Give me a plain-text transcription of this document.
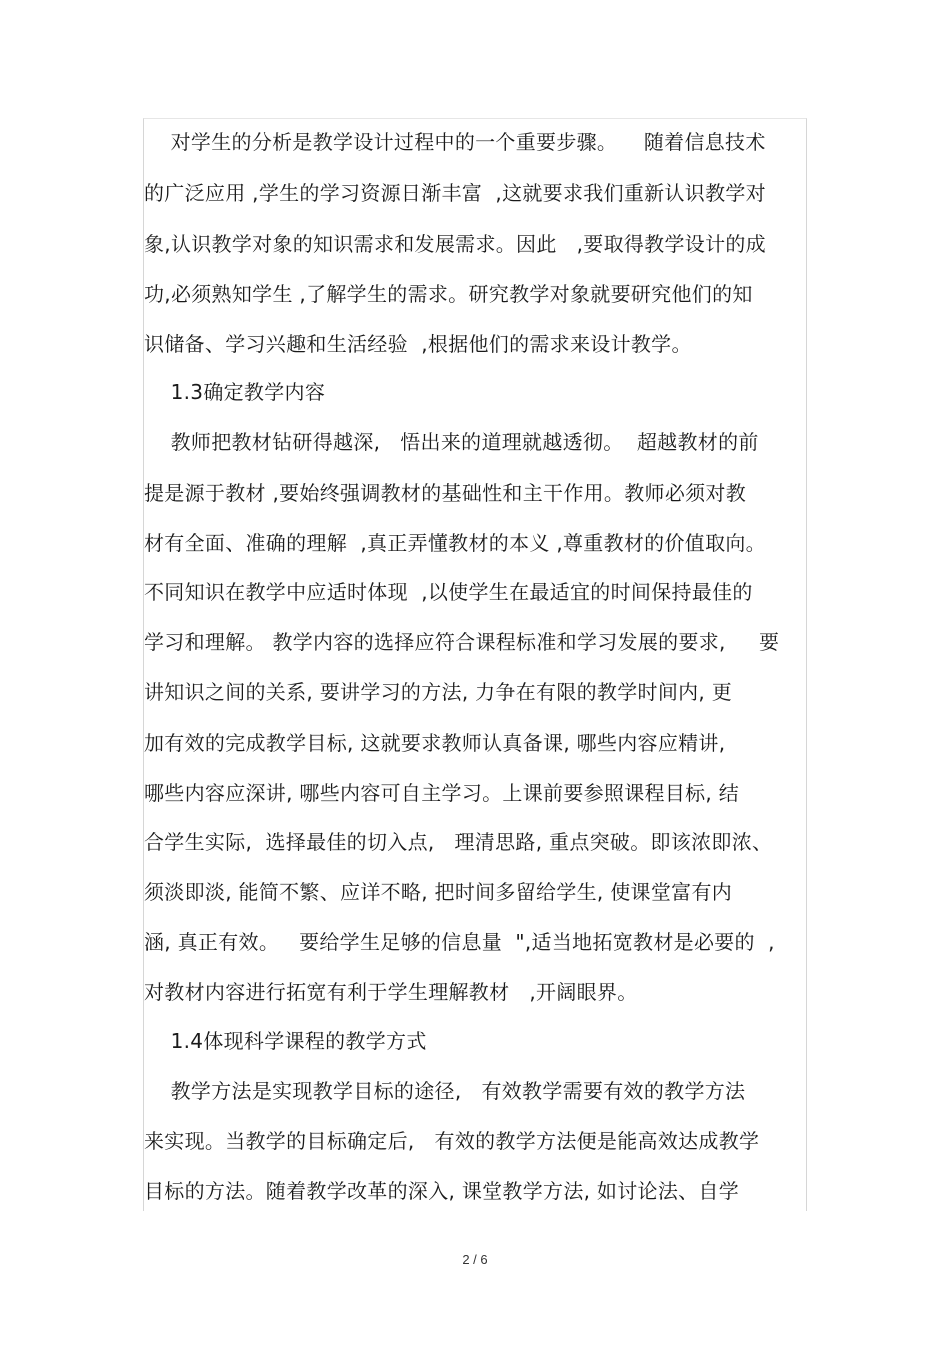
对学生的分析是教学设计过程中的一个重要步骤。    随着信息技术

的广泛应用 ,学生的学习资源日渐丰富  ,这就要求我们重新认识教学对

象,认识教学对象的知识需求和发展需求。因此   ,要取得教学设计的成

功,必须熟知学生 ,了解学生的需求。研究教学对象就要研究他们的知

识储备、学习兴趣和生活经验  ,根据他们的需求来设计教学。

1.3确定教学内容

教师把教材钻研得越深,   悟出来的道理就越透彻。  超越教材的前

提是源于教材 ,要始终强调教材的基础性和主干作用。教师必须对教

材有全面、准确的理解  ,真正弄懂教材的本义 ,尊重教材的价值取向。

不同知识在教学中应适时体现  ,以使学生在最适宜的时间保持最佳的

学习和理解。 教学内容的选择应符合课程标准和学习发展的要求,     要

讲知识之间的关系, 要讲学习的方法, 力争在有限的教学时间内, 更

加有效的完成教学目标, 这就要求教师认真备课, 哪些内容应精讲,

哪些内容应深讲, 哪些内容可自主学习。上课前要参照课程目标, 结

合学生实际,  选择最佳的切入点,   理清思路, 重点突破。即该浓即浓、

须淡即淡, 能简不繁、应详不略, 把时间多留给学生, 使课堂富有内

涵, 真正有效。   要给学生足够的信息量  ",适当地拓宽教材是必要的  ,

对教材内容进行拓宽有利于学生理解教材   ,开阔眼界。

1.4体现科学课程的教学方式

教学方法是实现教学目标的途径,   有效教学需要有效的教学方法

来实现。当教学的目标确定后,   有效的教学方法便是能高效达成教学

目标的方法。随着教学改革的深入, 课堂教学方法, 如讨论法、自学

2 / 6
